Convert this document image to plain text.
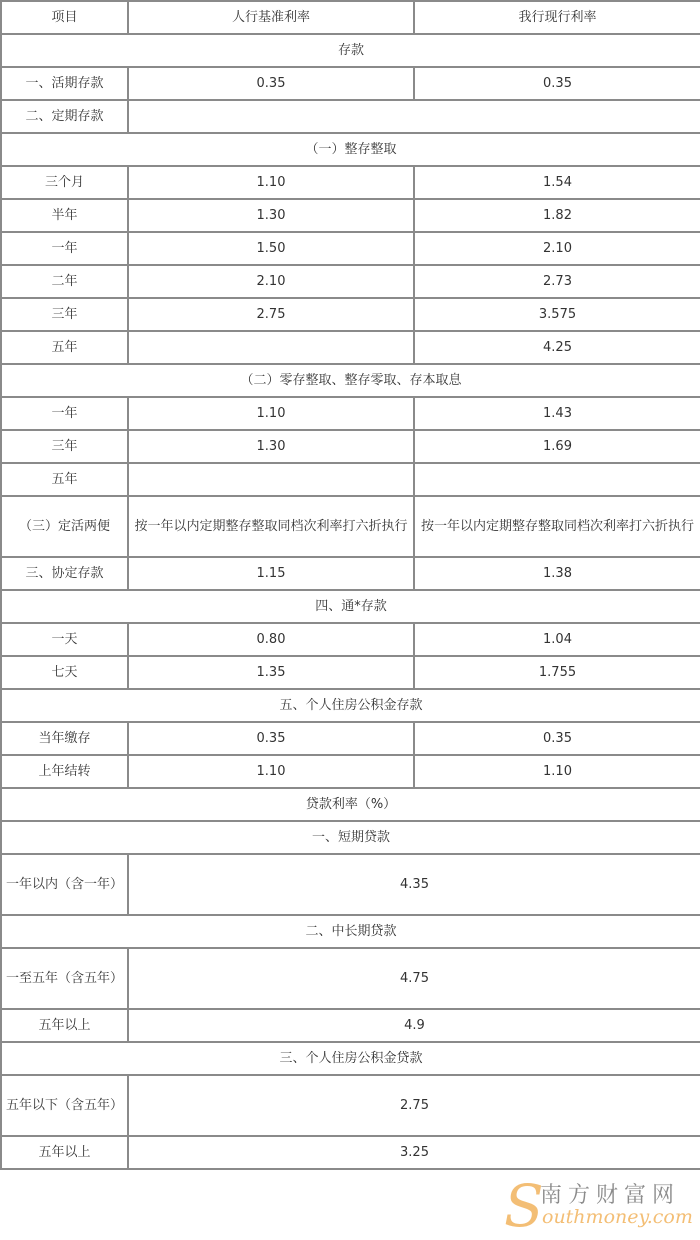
项目	人行基准利率	我行现行利率
存款		
一、活期存款	0.35	0.35
二、定期存款		
（一）整存整取		
三个月	1.10	1.54
半年	1.30	1.82
一年	1.50	2.10
二年	2.10	2.73
三年	2.75	3.575
五年		4.25
（二）零存整取、整存零取、存本取息		
一年	1.10	1.43
三年	1.30	1.69
五年		
（三）定活两便	按一年以内定期整存整取同档次利率打六折执行	按一年以内定期整存整取同档次利率打六折执行
三、协定存款	1.15	1.38
四、通*存款		
一天	0.80	1.04
七天	1.35	1.755
五、个人住房公积金存款		
当年缴存	0.35	0.35
上年结转	1.10	1.10
贷款利率（%）		
一、短期贷款		
一年以内（含一年）	4.35	
二、中长期贷款		
一至五年（含五年）	4.75	
五年以上	4.9	
三、个人住房公积金贷款		
五年以下（含五年）	2.75	
五年以上	3.25	
S
南方财富网
outhmoney.com
